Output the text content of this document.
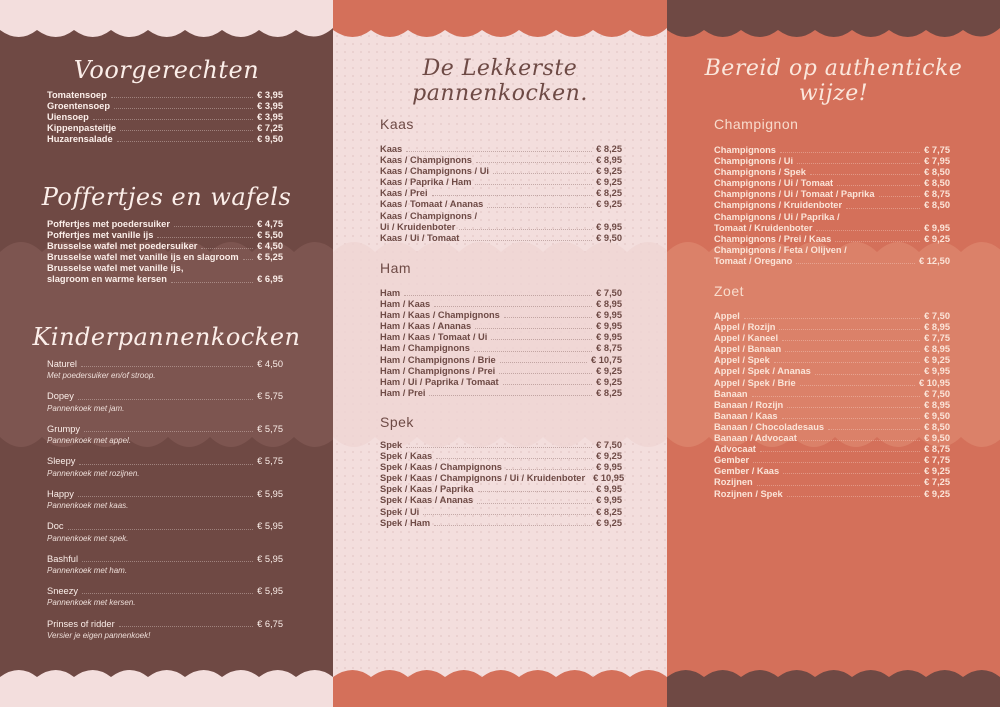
Voorgerechten
Tomatensoep	€ 3,95
Groentensoep	€ 3,95
Uiensoep	€ 3,95
Kippenpasteitje	€ 7,25
Huzarensalade	€ 9,50
Poffertjes en wafels
Poffertjes met poedersuiker	€ 4,75
Poffertjes met vanille ijs	€ 5,50
Brusselse wafel met poedersuiker	€ 4,50
Brusselse wafel met vanille ijs en slagroom € 5,25
Brusselse wafel met vanille ijs,
slagroom en warme kersen	€ 6,95
Kinderpannenkocken
Naturel	€ 4,50
Met poedersuiker en/of stroop.
Dopey	€ 5,75
Pannenkoek met jam.
Grumpy	€ 5,75
Pannenkoek met appel.
Sleepy	€ 5,75
Pannenkoek met rozijnen.
Happy	€ 5,95
Pannenkoek met kaas.
Doc	€ 5,95
Pannenkoek met spek.
Bashful	€ 5,95
Pannenkoek met ham.
Sneezy	€ 5,95
Pannenkoek met kersen.
Prinses of ridder	€ 6,75
Versier je eigen pannenkoek!
De Lekkerste pannenkocken.
Kaas
Kaas	€ 8,25
Kaas / Champignons	€ 8,95
Kaas / Champignons / Ui	€ 9,25
Kaas / Paprika / Ham	€ 9,25
Kaas / Prei	€ 8,25
Kaas / Tomaat / Ananas	€ 9,25
Kaas / Champignons /
Ui / Kruidenboter	€ 9,95
Kaas / Ui / Tomaat	€ 9,50
Ham
Ham	€ 7,50
Ham / Kaas	€ 8,95
Ham / Kaas / Champignons	€ 9,95
Ham / Kaas / Ananas	€ 9,95
Ham / Kaas / Tomaat / Ui	€ 9,95
Ham / Champignons	€ 8,75
Ham / Champignons / Brie	€ 10,75
Ham / Champignons / Prei	€ 9,25
Ham / Ui / Paprika / Tomaat	€ 9,25
Ham / Prei	€ 8,25
Spek
Spek	€ 7,50
Spek / Kaas	€ 9,25
Spek / Kaas / Champignons	€ 9,95
Spek / Kaas / Champignons / Ui / Kruidenboter € 10,95
Spek / Kaas / Paprika	€ 9,95
Spek / Kaas / Ananas	€ 9,95
Spek / Ui	€ 8,25
Spek / Ham	€ 9,25
Bereid op authenticke wijze!
Champignon
Champignons	€ 7,75
Champignons / Ui	€ 7,95
Champignons / Spek	€ 8,50
Champignons / Ui / Tomaat	€ 8,50
Champignons / Ui / Tomaat / Paprika	€ 8,75
Champignons / Kruidenboter	€ 8,50
Champignons / Ui / Paprika /
Tomaat / Kruidenboter	€ 9,95
Champignons / Prei / Kaas	€ 9,25
Champignons / Feta / Olijven /
Tomaat / Oregano	€ 12,50
Zoet
Appel	€ 7,50
Appel / Rozijn	€ 8,95
Appel / Kaneel	€ 7,75
Appel / Banaan	€ 8,95
Appel / Spek	€ 9,25
Appel / Spek / Ananas	€ 9,95
Appel / Spek / Brie	€ 10,95
Banaan	€ 7,50
Banaan / Rozijn	€ 8,95
Banaan / Kaas	€ 9,50
Banaan / Chocoladesaus	€ 8,50
Banaan / Advocaat	€ 9,50
Advocaat	€ 8,75
Gember	€ 7,75
Gember / Kaas	€ 9,25
Rozijnen	€ 7,25
Rozijnen / Spek	€ 9,25
